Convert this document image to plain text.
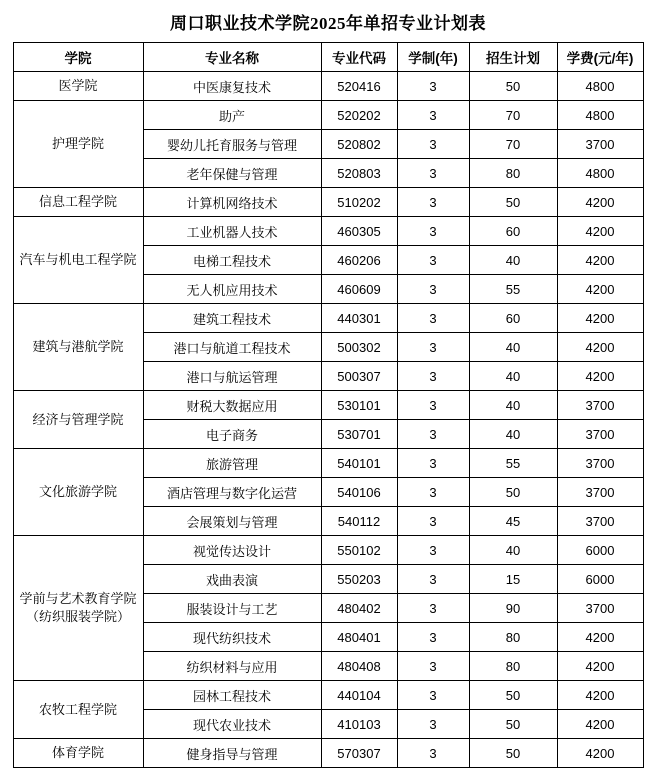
周口职业技术学院2025年单招专业计划表
学院	专业名称	专业代码	学制(年)	招生计划	学费(元/年)
医学院	中医康复技术	520416	3	50	4800
护理学院	助产	520202	3	70	4800
	婴幼儿托育服务与管理	520802	3	70	3700
	老年保健与管理	520803	3	80	4800
信息工程学院	计算机网络技术	510202	3	50	4200
汽车与机电工程学院	工业机器人技术	460305	3	60	4200
	电梯工程技术	460206	3	40	4200
	无人机应用技术	460609	3	55	4200
建筑与港航学院	建筑工程技术	440301	3	60	4200
	港口与航道工程技术	500302	3	40	4200
	港口与航运管理	500307	3	40	4200
经济与管理学院	财税大数据应用	530101	3	40	3700
	电子商务	530701	3	40	3700
文化旅游学院	旅游管理	540101	3	55	3700
	酒店管理与数字化运营	540106	3	50	3700
	会展策划与管理	540112	3	45	3700
学前与艺术教育学院
（纺织服装学院）	视觉传达设计	550102	3	40	6000
	戏曲表演	550203	3	15	6000
	服装设计与工艺	480402	3	90	3700
	现代纺织技术	480401	3	80	4200
	纺织材料与应用	480408	3	80	4200
农牧工程学院	园林工程技术	440104	3	50	4200
	现代农业技术	410103	3	50	4200
体育学院	健身指导与管理	570307	3	50	4200
